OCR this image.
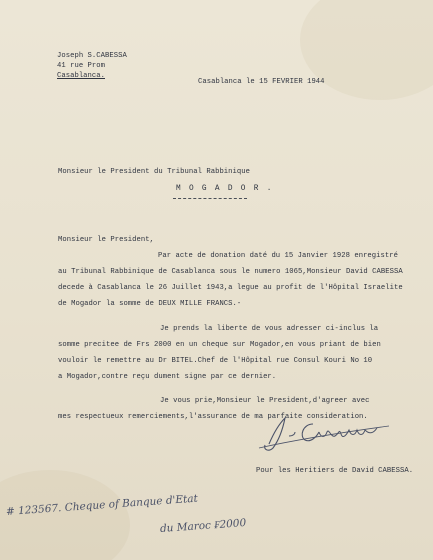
Joseph S.CABESSA
41 rue Prom
Casablanca.
Casablanca le 15 FEVRIER 1944
Monsieur le President du Tribunal Rabbinique
M O G A D O R .
Monsieur le President,
Par acte de donation daté du 15 Janvier 1928 enregistré
au Tribunal Rabbinique de Casablanca sous le numero 1065,Monsieur David CABESSA
decede à Casablanca le 26 Juillet 1943,a legue au profit de l'Hôpital Israelite
de Mogador la somme de DEUX MILLE FRANCS.-
Je prends la liberte de vous adresser ci-inclus la
somme precitee de Frs 2000 en un cheque sur Mogador,en vous priant de bien
vouloir le remettre au Dr BITEL.Chef de l'Hôpital rue Consul Kouri No 10
a Mogador,contre reçu dument signe par ce dernier.
Je vous prie,Monsieur le President,d'agreer avec
mes respectueux remerciements,l'assurance de ma parfaite consideration.
Pour les Heritiers de David CABESSA.
# 123567. Cheque of Banque d'Etat
du Maroc ₣2000
